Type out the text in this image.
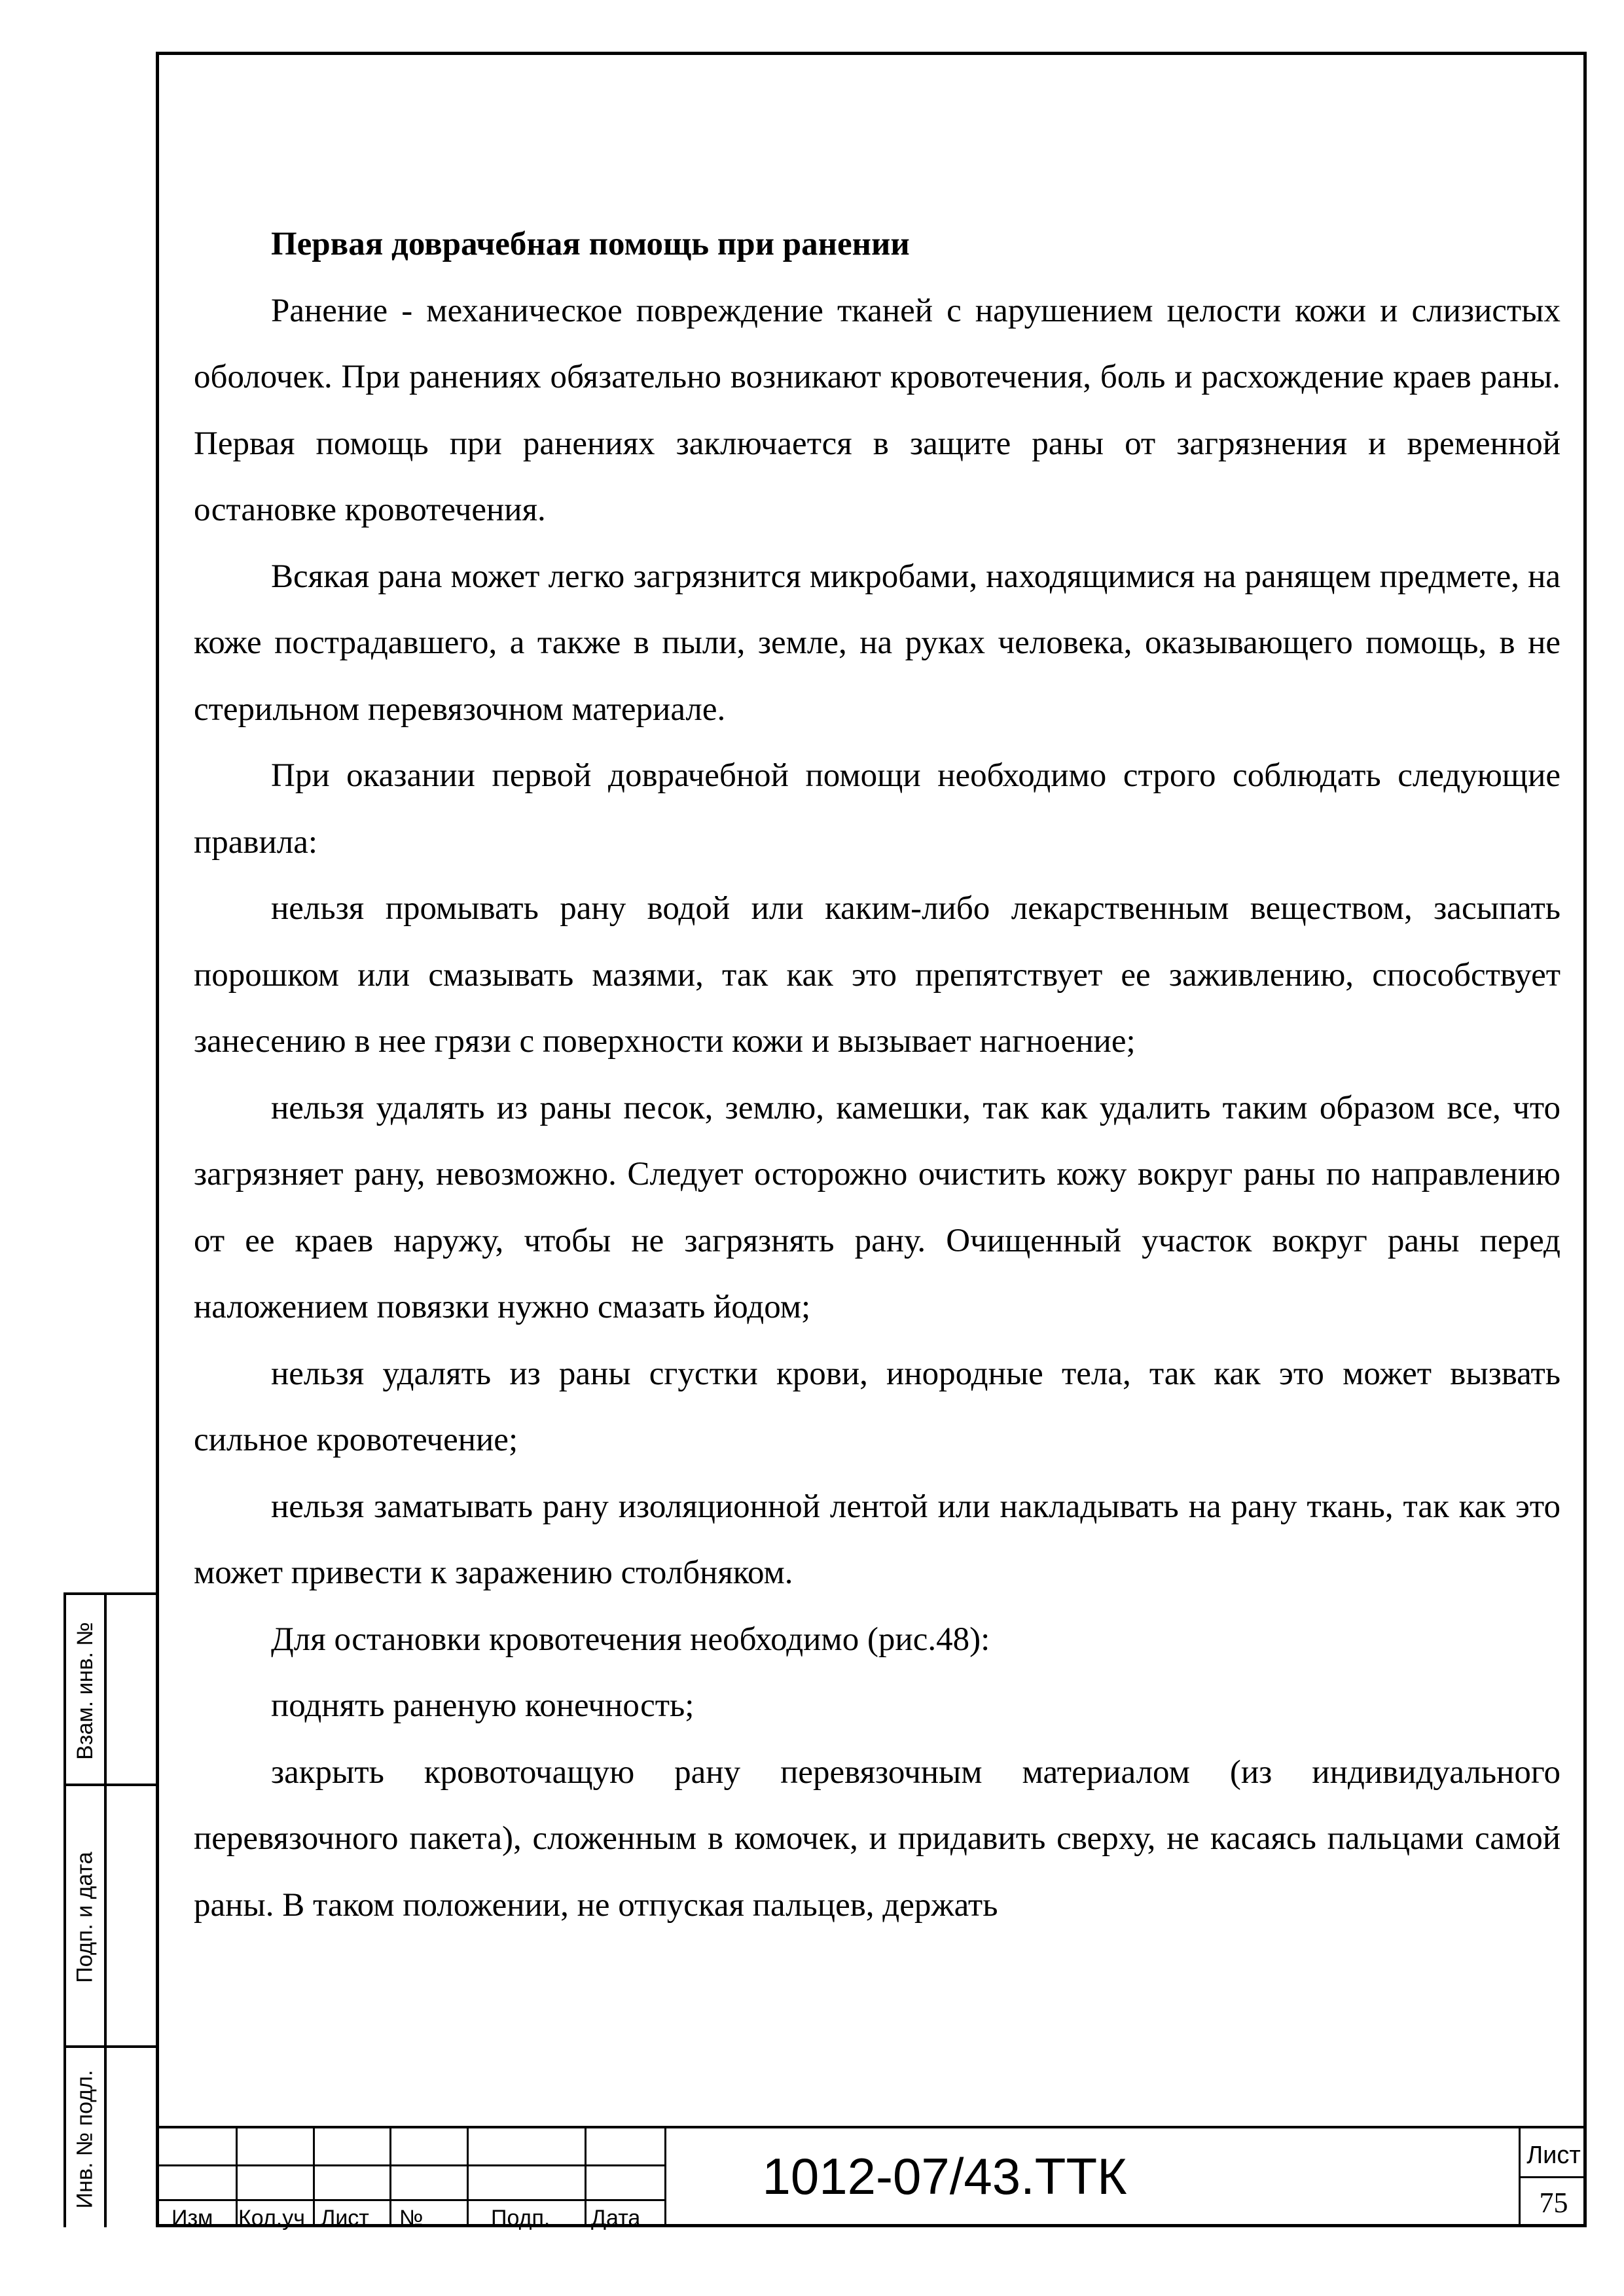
Первая доврачебная помощь при ранении

Ранение - механическое повреждение тканей с нарушением целости кожи и слизистых оболочек. При ранениях обязательно возникают кровотечения, боль и расхождение краев раны. Первая помощь при ранениях заключается в защите раны от загрязнения и временной остановке кровотечения.

Всякая рана может легко загрязнится микробами, находящимися на ранящем предмете, на коже пострадавшего, а также в пыли, земле, на руках человека, оказывающего помощь, в не стерильном перевязочном материале.

При оказании первой доврачебной помощи необходимо строго соблюдать следующие правила:

нельзя промывать рану водой или каким-либо лекарственным веществом, засыпать порошком или смазывать мазями, так как это препятствует ее заживлению, способствует занесению в нее грязи с поверхности кожи и вызывает нагноение;

нельзя удалять из раны песок, землю, камешки, так как удалить таким образом все, что загрязняет рану, невозможно. Следует осторожно очистить кожу вокруг раны по направлению от ее краев наружу, чтобы не загрязнять рану. Очищенный участок вокруг раны перед наложением повязки нужно смазать йодом;

нельзя удалять из раны сгустки крови, инородные тела, так как это может вызвать сильное кровотечение;

нельзя заматывать рану изоляционной лентой или накладывать на рану ткань, так как это может привести к заражению столбняком.

Для остановки кровотечения необходимо (рис.48):

поднять раненую конечность;

закрыть кровоточащую рану перевязочным материалом (из индивидуального перевязочного пакета), сложенным в комочек, и придавить сверху, не касаясь пальцами самой раны. В таком положении, не отпуская пальцев, держать

Взам. инв. №
Подп. и дата
Инв. № подл.
Изм Кол.уч Лист №	Подп. Дата
1012-07/43.ТТК	Лист
75
